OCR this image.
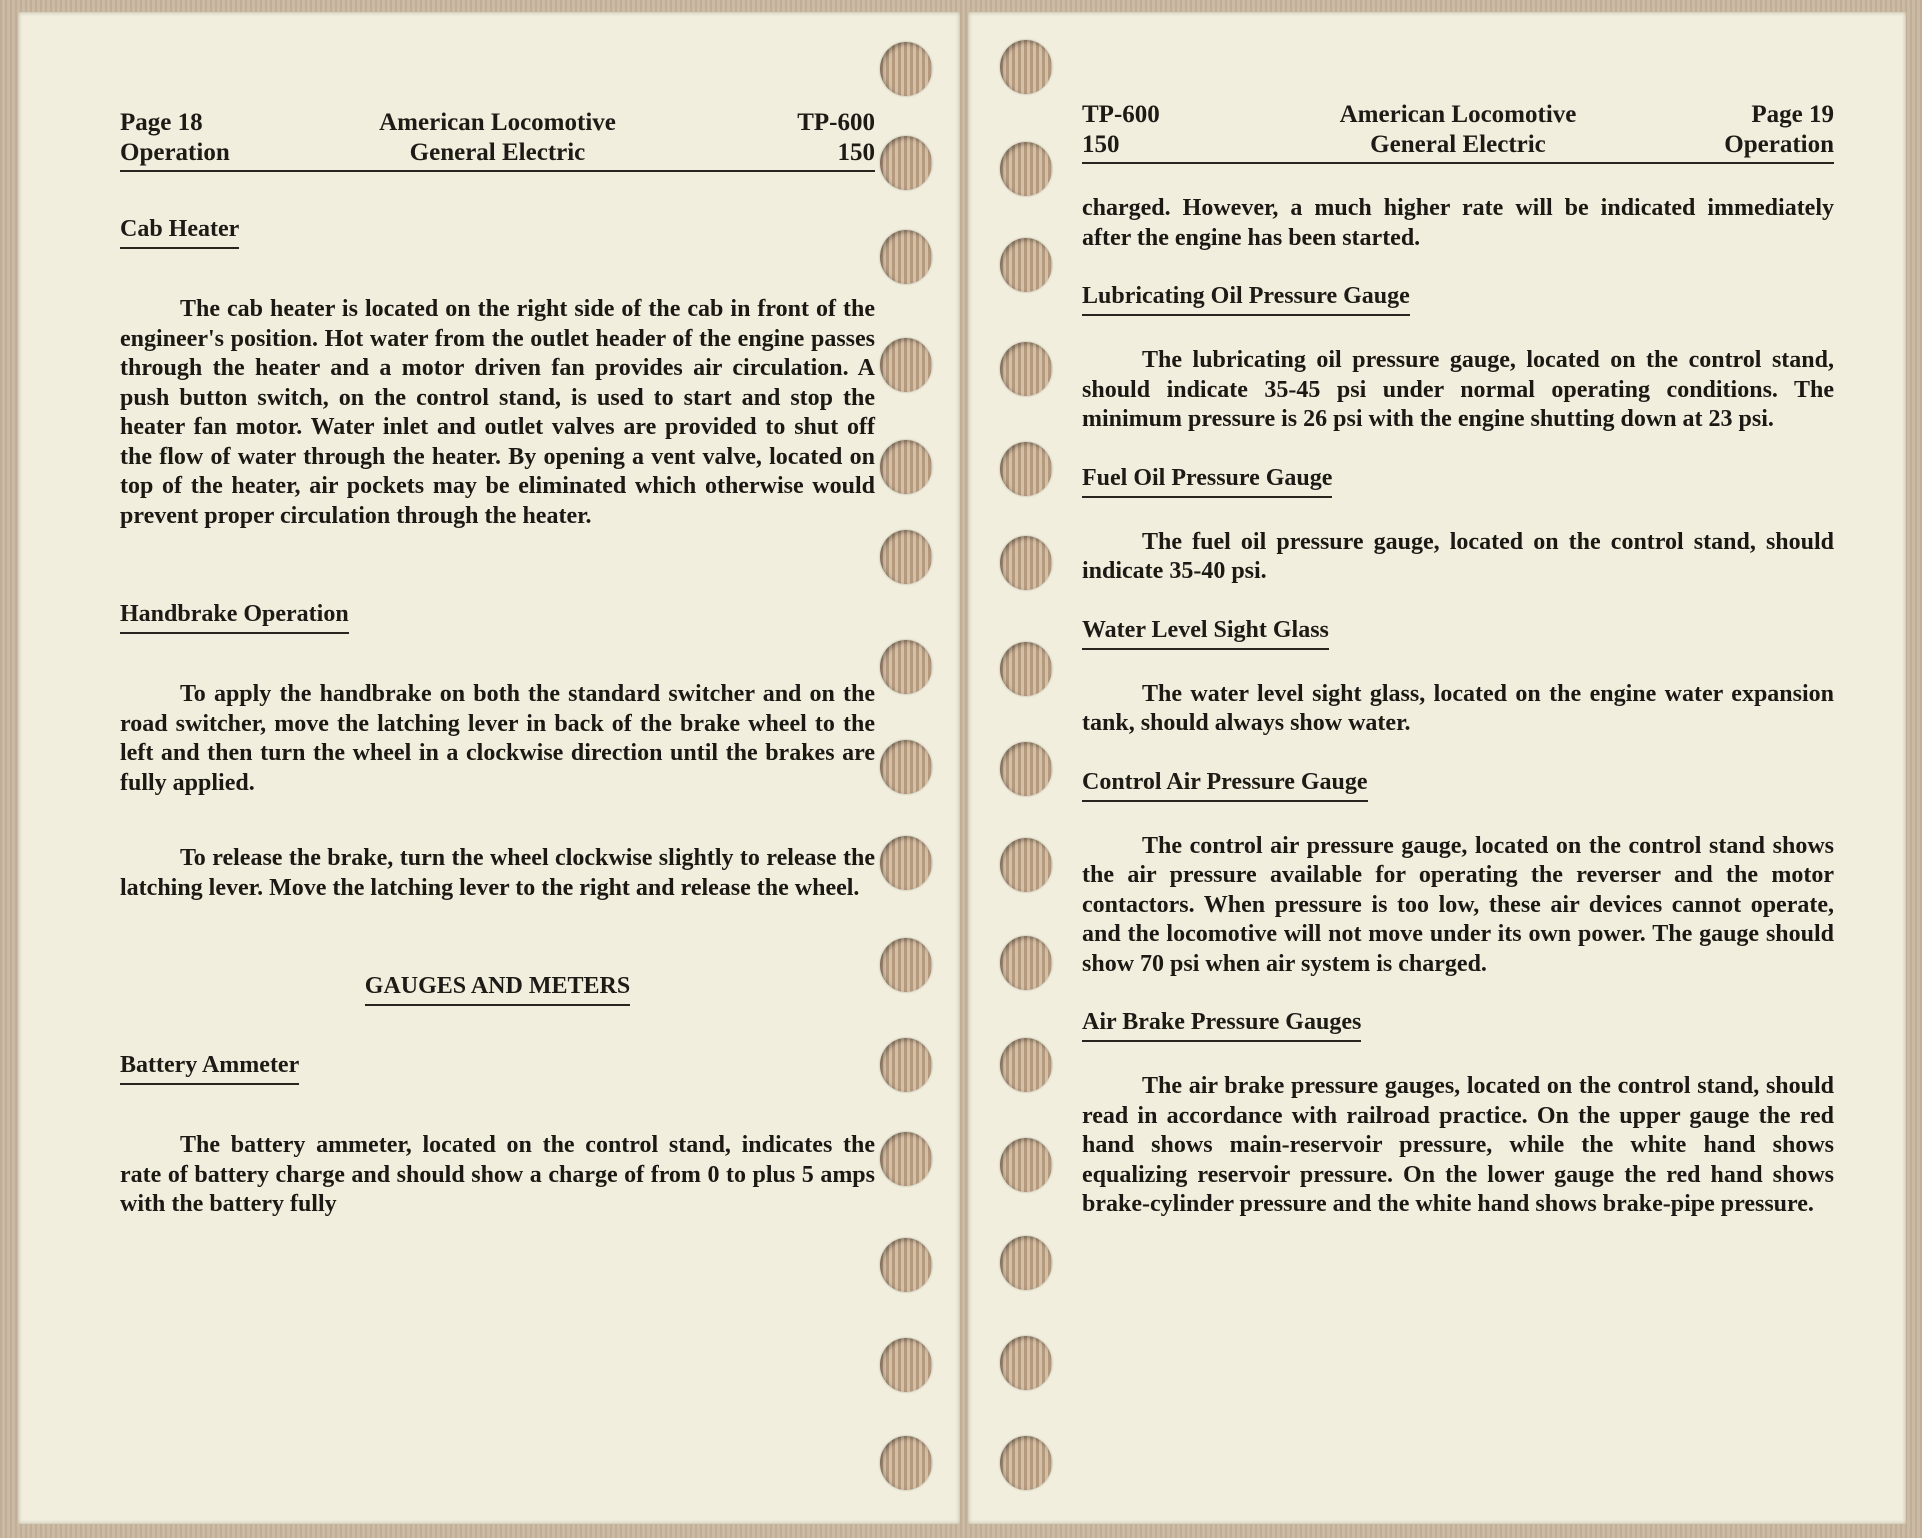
Page 18
Operation
American Locomotive
General Electric
TP-600
150
Cab Heater

The cab heater is located on the right side of the cab in front of the engineer's position. Hot water from the outlet header of the engine passes through the heater and a motor driven fan provides air circulation. A push button switch, on the control stand, is used to start and stop the heater fan motor. Water inlet and outlet valves are provided to shut off the flow of water through the heater. By opening a vent valve, located on top of the heater, air pockets may be eliminated which otherwise would prevent proper circulation through the heater.

Handbrake Operation

To apply the handbrake on both the standard switcher and on the road switcher, move the latching lever in back of the brake wheel to the left and then turn the wheel in a clockwise direction until the brakes are fully applied.

To release the brake, turn the wheel clockwise slightly to release the latching lever. Move the latching lever to the right and release the wheel.

GAUGES AND METERS
Battery Ammeter

The battery ammeter, located on the control stand, indicates the rate of battery charge and should show a charge of from 0 to plus 5 amps with the battery fully

TP-600
150
American Locomotive
General Electric
Page 19
Operation

charged. However, a much higher rate will be indicated immediately after the engine has been started.

Lubricating Oil Pressure Gauge

The lubricating oil pressure gauge, located on the control stand, should indicate 35-45 psi under normal operating conditions. The minimum pressure is 26 psi with the engine shutting down at 23 psi.

Fuel Oil Pressure Gauge

The fuel oil pressure gauge, located on the control stand, should indicate 35-40 psi.

Water Level Sight Glass

The water level sight glass, located on the engine water expansion tank, should always show water.

Control Air Pressure Gauge

The control air pressure gauge, located on the control stand shows the air pressure available for operating the reverser and the motor contactors. When pressure is too low, these air devices cannot operate, and the locomotive will not move under its own power. The gauge should show 70 psi when air system is charged.

Air Brake Pressure Gauges

The air brake pressure gauges, located on the control stand, should read in accordance with railroad practice. On the upper gauge the red hand shows main-reservoir pressure, while the white hand shows equalizing reservoir pressure. On the lower gauge the red hand shows brake-cylinder pressure and the white hand shows brake-pipe pressure.
